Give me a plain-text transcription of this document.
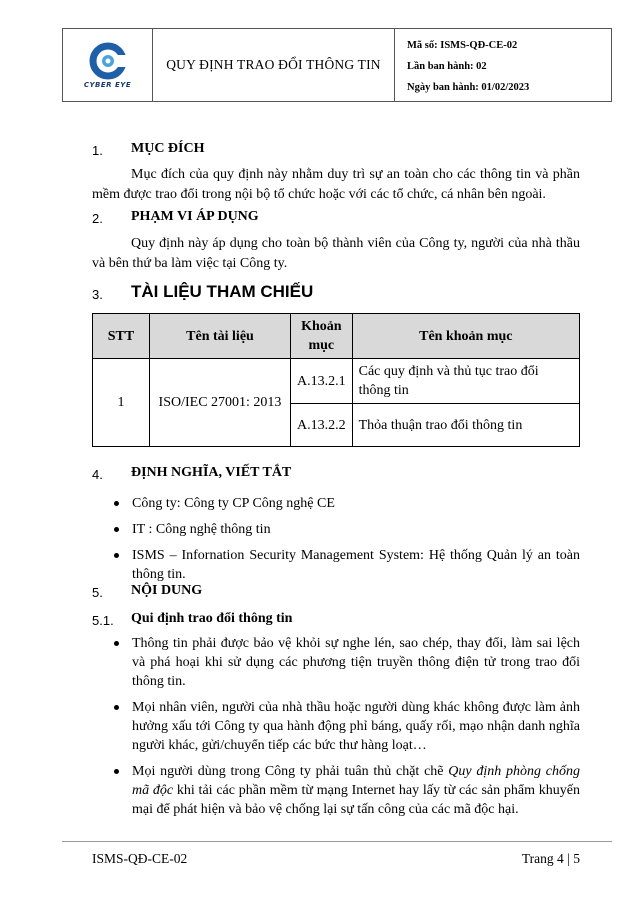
CYBER EYE
QUY ĐỊNH TRAO ĐỔI THÔNG TIN
Mã số: ISMS-QĐ-CE-02
Lần ban hành: 02
Ngày ban hành: 01/02/2023
1. MỤC ĐÍCH
Mục đích của quy định này nhằm duy trì sự an toàn cho các thông tin và phần mềm được trao đổi trong nội bộ tổ chức hoặc với các tổ chức, cá nhân bên ngoài.
2. PHẠM VI ÁP DỤNG
Quy định này áp dụng cho toàn bộ thành viên của Công ty, người của nhà thầu và bên thứ ba làm việc tại Công ty.
3. TÀI LIỆU THAM CHIẾU
STT	Tên tài liệu	Khoản mục	Tên khoản mục
1	ISO/IEC 27001: 2013	A.13.2.1	Các quy định và thủ tục trao đổi thông tin
		A.13.2.2	Thỏa thuận trao đổi thông tin
4. ĐỊNH NGHĨA, VIẾT TẮT
Công ty: Công ty CP Công nghệ CE
IT : Công nghệ thông tin
ISMS – Infornation Security Management System: Hệ thống Quản lý an toàn thông tin.
5. NỘI DUNG
5.1. Qui định trao đổi thông tin
Thông tin phải được bảo vệ khỏi sự nghe lén, sao chép, thay đổi, làm sai lệch và phá hoại khi sử dụng các phương tiện truyền thông điện tử trong trao đổi thông tin.
Mọi nhân viên, người của nhà thầu hoặc người dùng khác không được làm ảnh hưởng xấu tới Công ty qua hành động phỉ báng, quấy rối, mạo nhận danh nghĩa người khác, gửi/chuyển tiếp các bức thư hàng loạt…
Mọi người dùng trong Công ty phải tuân thủ chặt chẽ Quy định phòng chống mã độc khi tải các phần mềm từ mạng Internet hay lấy từ các sản phẩm khuyến mại để phát hiện và bảo vệ chống lại sự tấn công của các mã độc hại.
ISMS-QĐ-CE-02	Trang 4 | 5
